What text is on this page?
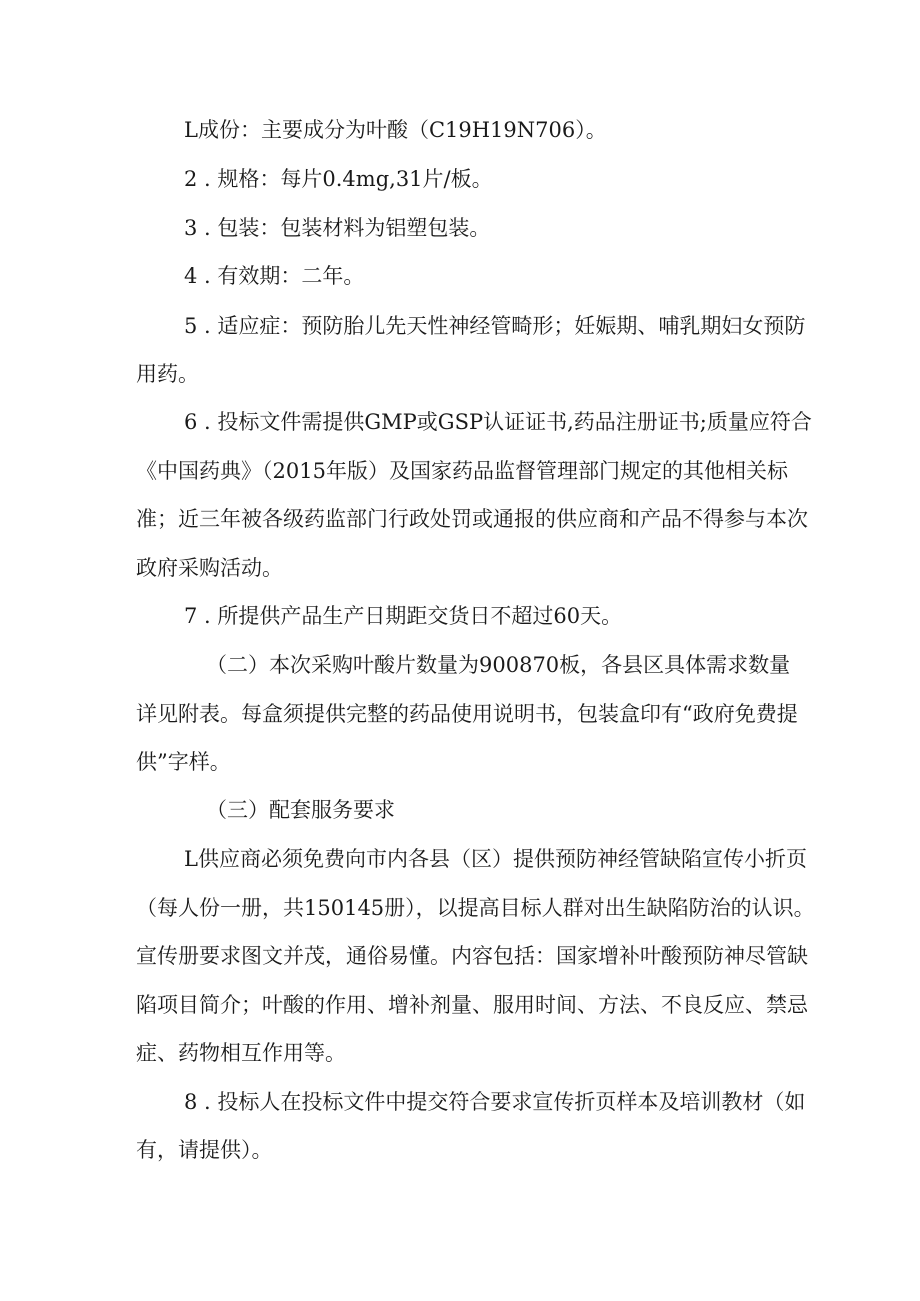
L成份：主要成分为叶酸（C19H19N706）。
2 . 规格：每片0.4mg,31片/板。
3 . 包装：包装材料为铝塑包装。
4 . 有效期：二年。
5 . 适应症：预防胎儿先天性神经管畸形；妊娠期、哺乳期妇女预防
用药。
6 . 投标文件需提供GMP或GSP认证证书,药品注册证书;质量应符合
《中国药典》（2015年版）及国家药品监督管理部门规定的其他相关标
准；近三年被各级药监部门行政处罚或通报的供应商和产品不得参与本次
政府采购活动。
7 . 所提供产品生产日期距交货日不超过60天。
（二）本次采购叶酸片数量为900870板，各县区具体需求数量
详见附表。每盒须提供完整的药品使用说明书，包装盒印有“政府免费提
供”字样。
（三）配套服务要求
L供应商必须免费向市内各县（区）提供预防神经管缺陷宣传小折页
（每人份一册，共150145册），以提高目标人群对出生缺陷防治的认识。
宣传册要求图文并茂，通俗易懂。内容包括：国家增补叶酸预防神尽管缺
陷项目简介；叶酸的作用、增补剂量、服用时间、方法、不良反应、禁忌
症、药物相互作用等。
8 . 投标人在投标文件中提交符合要求宣传折页样本及培训教材（如
有，请提供）。
